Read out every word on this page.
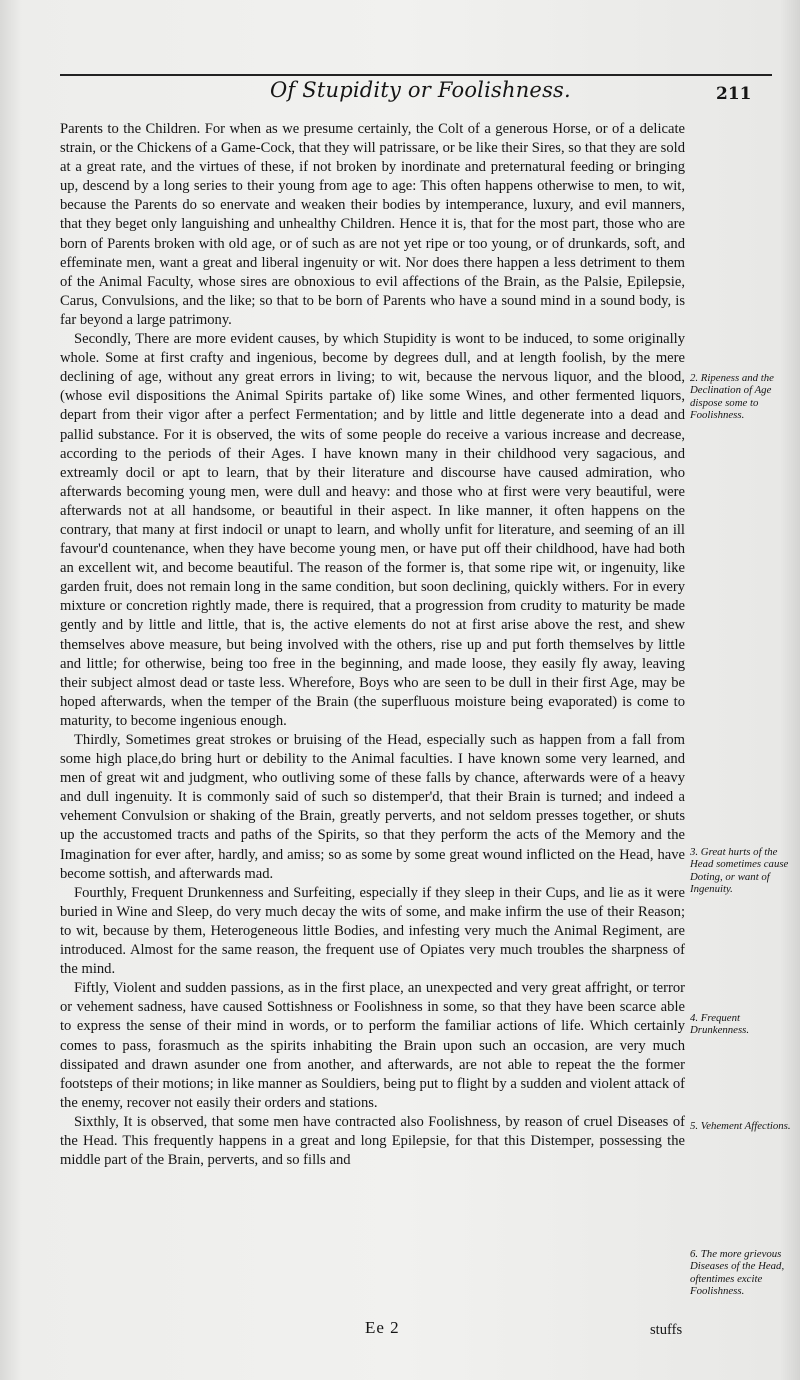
Of Stupidity or Foolishness.	211

Parents to the Children. For when as we presume certainly, the Colt of a generous Horse, or of a delicate strain, or the Chickens of a Game-Cock, that they will patrissare, or be like their Sires, so that they are sold at a great rate, and the virtues of these, if not broken by inordinate and preternatural feeding or bringing up, descend by a long series to their young from age to age: This often happens otherwise to men, to wit, because the Parents do so enervate and weaken their bodies by intemperance, luxury, and evil manners, that they beget only languishing and unhealthy Children. Hence it is, that for the most part, those who are born of Parents broken with old age, or of such as are not yet ripe or too young, or of drunkards, soft, and effeminate men, want a great and liberal ingenuity or wit. Nor does there happen a less detriment to them of the Animal Faculty, whose sires are obnoxious to evil affections of the Brain, as the Palsie, Epilepsie, Carus, Convulsions, and the like; so that to be born of Parents who have a sound mind in a sound body, is far beyond a large patrimony.

Secondly, There are more evident causes, by which Stupidity is wont to be induced, to some originally whole. Some at first crafty and ingenious, become by degrees dull, and at length foolish, by the mere declining of age, without any great errors in living; to wit, because the nervous liquor, and the blood, (whose evil dispositions the Animal Spirits partake of) like some Wines, and other fermented liquors, depart from their vigor after a perfect Fermentation; and by little and little degenerate into a dead and pallid substance. For it is observed, the wits of some people do receive a various increase and decrease, according to the periods of their Ages. I have known many in their childhood very sagacious, and extreamly docil or apt to learn, that by their literature and discourse have caused admiration, who afterwards becoming young men, were dull and heavy: and those who at first were very beautiful, were afterwards not at all handsome, or beautiful in their aspect. In like manner, it often happens on the contrary, that many at first indocil or unapt to learn, and wholly unfit for literature, and seeming of an ill favour'd countenance, when they have become young men, or have put off their childhood, have had both an excellent wit, and become beautiful. The reason of the former is, that some ripe wit, or ingenuity, like garden fruit, does not remain long in the same condition, but soon declining, quickly withers. For in every mixture or concretion rightly made, there is required, that a progression from crudity to maturity be made gently and by little and little, that is, the active elements do not at first arise above the rest, and shew themselves above measure, but being involved with the others, rise up and put forth themselves by little and little; for otherwise, being too free in the beginning, and made loose, they easily fly away, leaving their subject almost dead or taste less. Wherefore, Boys who are seen to be dull in their first Age, may be hoped afterwards, when the temper of the Brain (the superfluous moisture being evaporated) is come to maturity, to become ingenious enough.

Thirdly, Sometimes great strokes or bruising of the Head, especially such as happen from a fall from some high place,do bring hurt or debility to the Animal faculties. I have known some very learned, and men of great wit and judgment, who outliving some of these falls by chance, afterwards were of a heavy and dull ingenuity. It is commonly said of such so distemper'd, that their Brain is turned; and indeed a vehement Convulsion or shaking of the Brain, greatly perverts, and not seldom presses together, or shuts up the accustomed tracts and paths of the Spirits, so that they perform the acts of the Memory and the Imagination for ever after, hardly, and amiss; so as some by some great wound inflicted on the Head, have become sottish, and afterwards mad.

Fourthly, Frequent Drunkenness and Surfeiting, especially if they sleep in their Cups, and lie as it were buried in Wine and Sleep, do very much decay the wits of some, and make infirm the use of their Reason; to wit, because by them, Heterogeneous little Bodies, and infesting very much the Animal Regiment, are introduced. Almost for the same reason, the frequent use of Opiates very much troubles the sharpness of the mind.

Fiftly, Violent and sudden passions, as in the first place, an unexpected and very great affright, or terror or vehement sadness, have caused Sottishness or Foolishness in some, so that they have been scarce able to express the sense of their mind in words, or to perform the familiar actions of life. Which certainly comes to pass, forasmuch as the spirits inhabiting the Brain upon such an occasion, are very much dissipated and drawn asunder one from another, and afterwards, are not able to repeat the the former footsteps of their motions; in like manner as Souldiers, being put to flight by a sudden and violent attack of the enemy, recover not easily their orders and stations.

Sixthly, It is observed, that some men have contracted also Foolishness, by reason of cruel Diseases of the Head. This frequently happens in a great and long Epilepsie, for that this Distemper, possessing the middle part of the Brain, perverts, and so fills and

2. Ripeness and the Declination of Age dispose some to Foolishness.
3. Great hurts of the Head sometimes cause Doting, or want of Ingenuity.
4. Frequent Drunkenness.
5. Vehement Affections.
6. The more grievous Diseases of the Head, oftentimes excite Foolishness.
Ee 2	stuffs
